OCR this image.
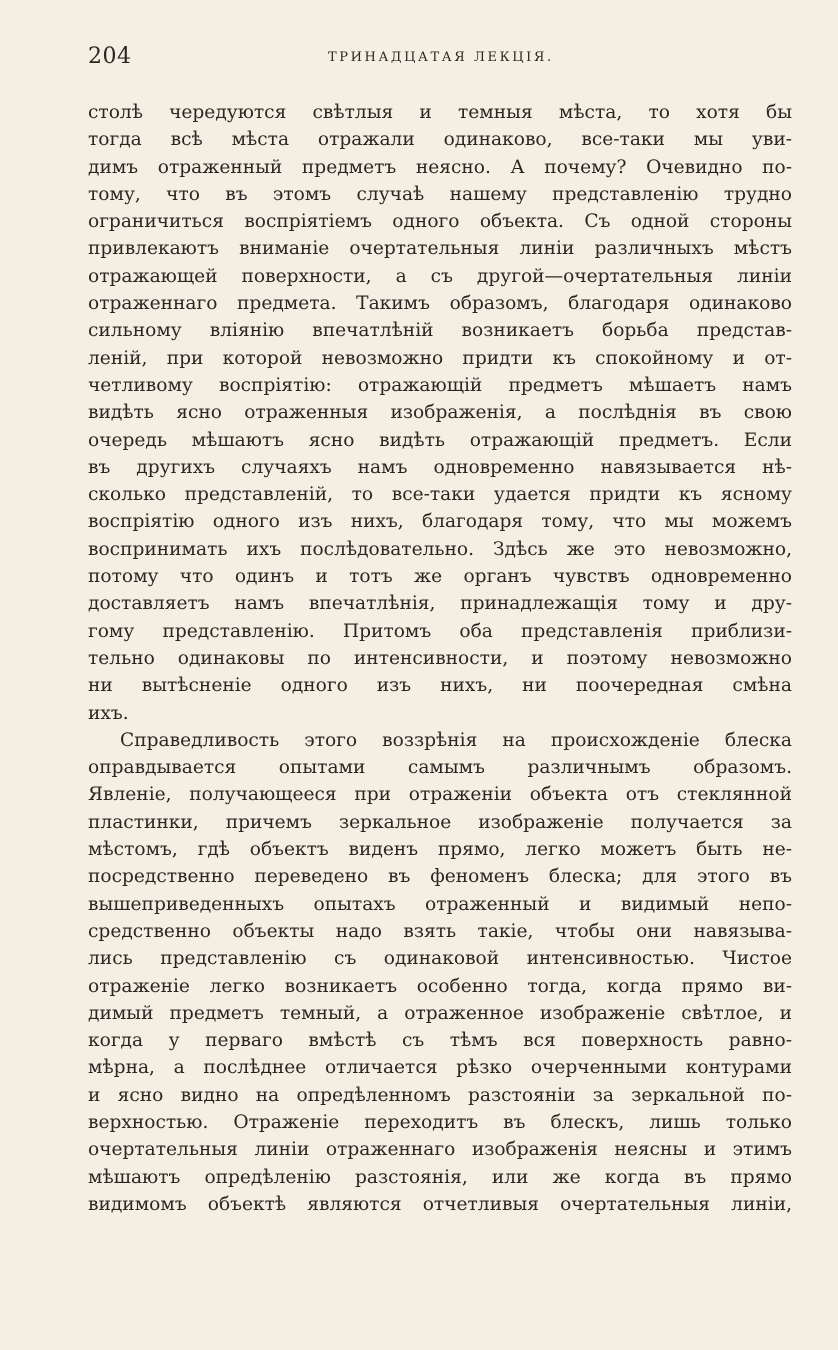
204	ТРИНАДЦАТАЯ ЛЕКЦІЯ.
столѣ чередуются свѣтлыя и темныя мѣста, то хотя бы
тогда всѣ мѣста отражали одинаково, все-таки мы уви-
димъ отраженный предметъ неясно. А почему? Очевидно по-
тому, что въ этомъ случаѣ нашему представленію трудно
ограничиться воспріятіемъ одного объекта. Съ одной стороны
привлекаютъ вниманіе очертательныя линіи различныхъ мѣстъ
отражающей поверхности, а съ другой—очертательныя линіи
отраженнаго предмета. Такимъ образомъ, благодаря одинаково
сильному вліянію впечатлѣній возникаетъ борьба представ-
леній, при которой невозможно придти къ спокойному и от-
четливому воспріятію: отражающій предметъ мѣшаетъ намъ
видѣть ясно отраженныя изображенія, а послѣднія въ свою
очередь мѣшаютъ ясно видѣть отражающій предметъ. Если
въ другихъ случаяхъ намъ одновременно навязывается нѣ-
сколько представленій, то все-таки удается придти къ ясному
воспріятію одного изъ нихъ, благодаря тому, что мы можемъ
воспринимать ихъ послѣдовательно. Здѣсь же это невозможно,
потому что одинъ и тотъ же органъ чувствъ одновременно
доставляетъ намъ впечатлѣнія, принадлежащія тому и дру-
гому представленію. Притомъ оба представленія приблизи-
тельно одинаковы по интенсивности, и поэтому невозможно
ни вытѣсненіе одного изъ нихъ, ни поочередная смѣна
ихъ.
Справедливость этого воззрѣнія на происхожденіе блеска
оправдывается опытами самымъ различнымъ образомъ.
Явленіе, получающееся при отраженіи объекта отъ стеклянной
пластинки, причемъ зеркальное изображеніе получается за
мѣстомъ, гдѣ объектъ виденъ прямо, легко можетъ быть не-
посредственно переведено въ феноменъ блеска; для этого въ
вышеприведенныхъ опытахъ отраженный и видимый непо-
средственно объекты надо взять такіе, чтобы они навязыва-
лись представленію съ одинаковой интенсивностью. Чистое
отраженіе легко возникаетъ особенно тогда, когда прямо ви-
димый предметъ темный, а отраженное изображеніе свѣтлое, и
когда у перваго вмѣстѣ съ тѣмъ вся поверхность равно-
мѣрна, а послѣднее отличается рѣзко очерченными контурами
и ясно видно на опредѣленномъ разстояніи за зеркальной по-
верхностью. Отраженіе переходитъ въ блескъ, лишь только
очертательныя линіи отраженнаго изображенія неясны и этимъ
мѣшаютъ опредѣленію разстоянія, или же когда въ прямо
видимомъ объектѣ являются отчетливыя очертательныя линіи,
